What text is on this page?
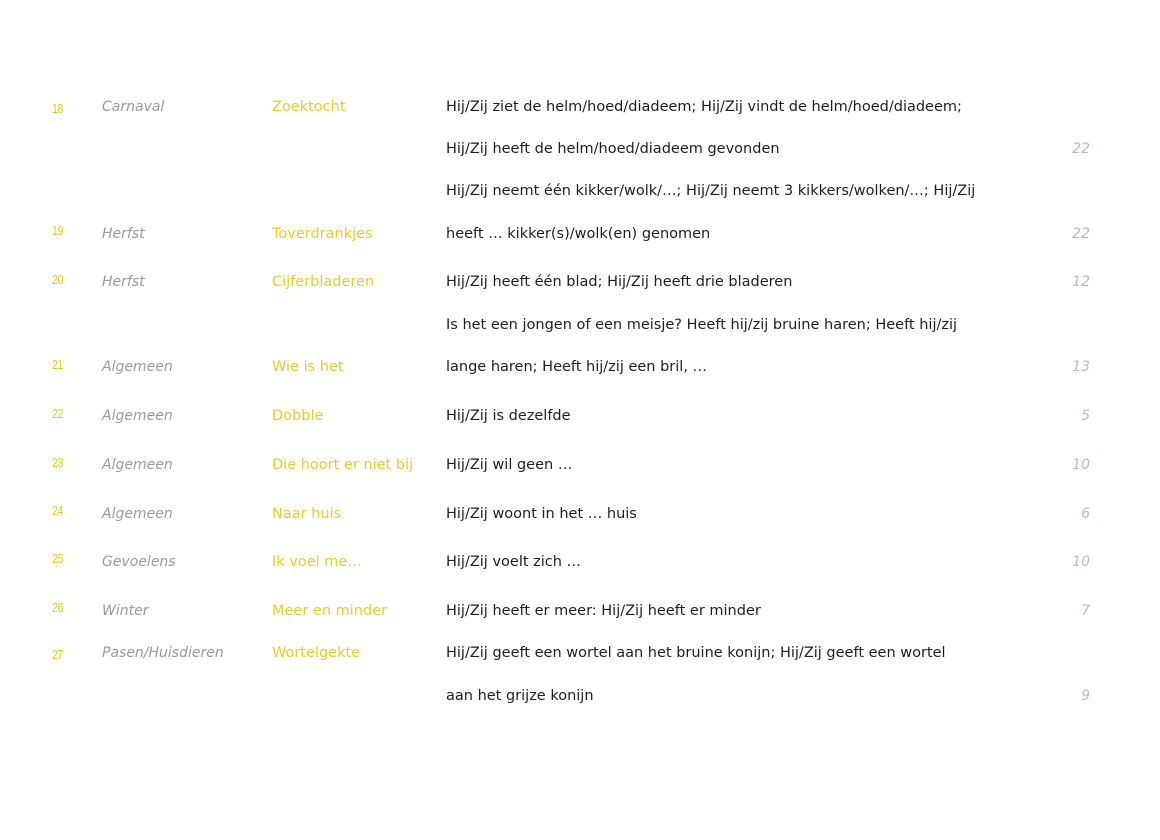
18	Carnaval	Zoektocht	Hij/Zij ziet de helm/hoed/diadeem; Hij/Zij vindt de helm/hoed/diadeem;
Hij/Zij heeft de helm/hoed/diadeem gevonden	22
Hij/Zij neemt één kikker/wolk/…; Hij/Zij neemt 3 kikkers/wolken/…; Hij/Zij
19	Herfst	Toverdrankjes	heeft … kikker(s)/wolk(en) genomen	22
20	Herfst	Cijferbladeren	Hij/Zij heeft één blad; Hij/Zij heeft drie bladeren	12
Is het een jongen of een meisje? Heeft hij/zij bruine haren; Heeft hij/zij
21	Algemeen	Wie is het	lange haren; Heeft hij/zij een bril, …	13
22	Algemeen	Dobble	Hij/Zij is dezelfde	5
23	Algemeen	Die hoort er niet bij	Hij/Zij wil geen …	10
24	Algemeen	Naar huis	Hij/Zij woont in het … huis	6
25	Gevoelens	Ik voel me…	Hij/Zij voelt zich …	10
26	Winter	Meer en minder	Hij/Zij heeft er meer: Hij/Zij heeft er minder	7
27	Pasen/Huisdieren	Wortelgekte	Hij/Zij geeft een wortel aan het bruine konijn; Hij/Zij geeft een wortel
aan het grijze konijn	9
